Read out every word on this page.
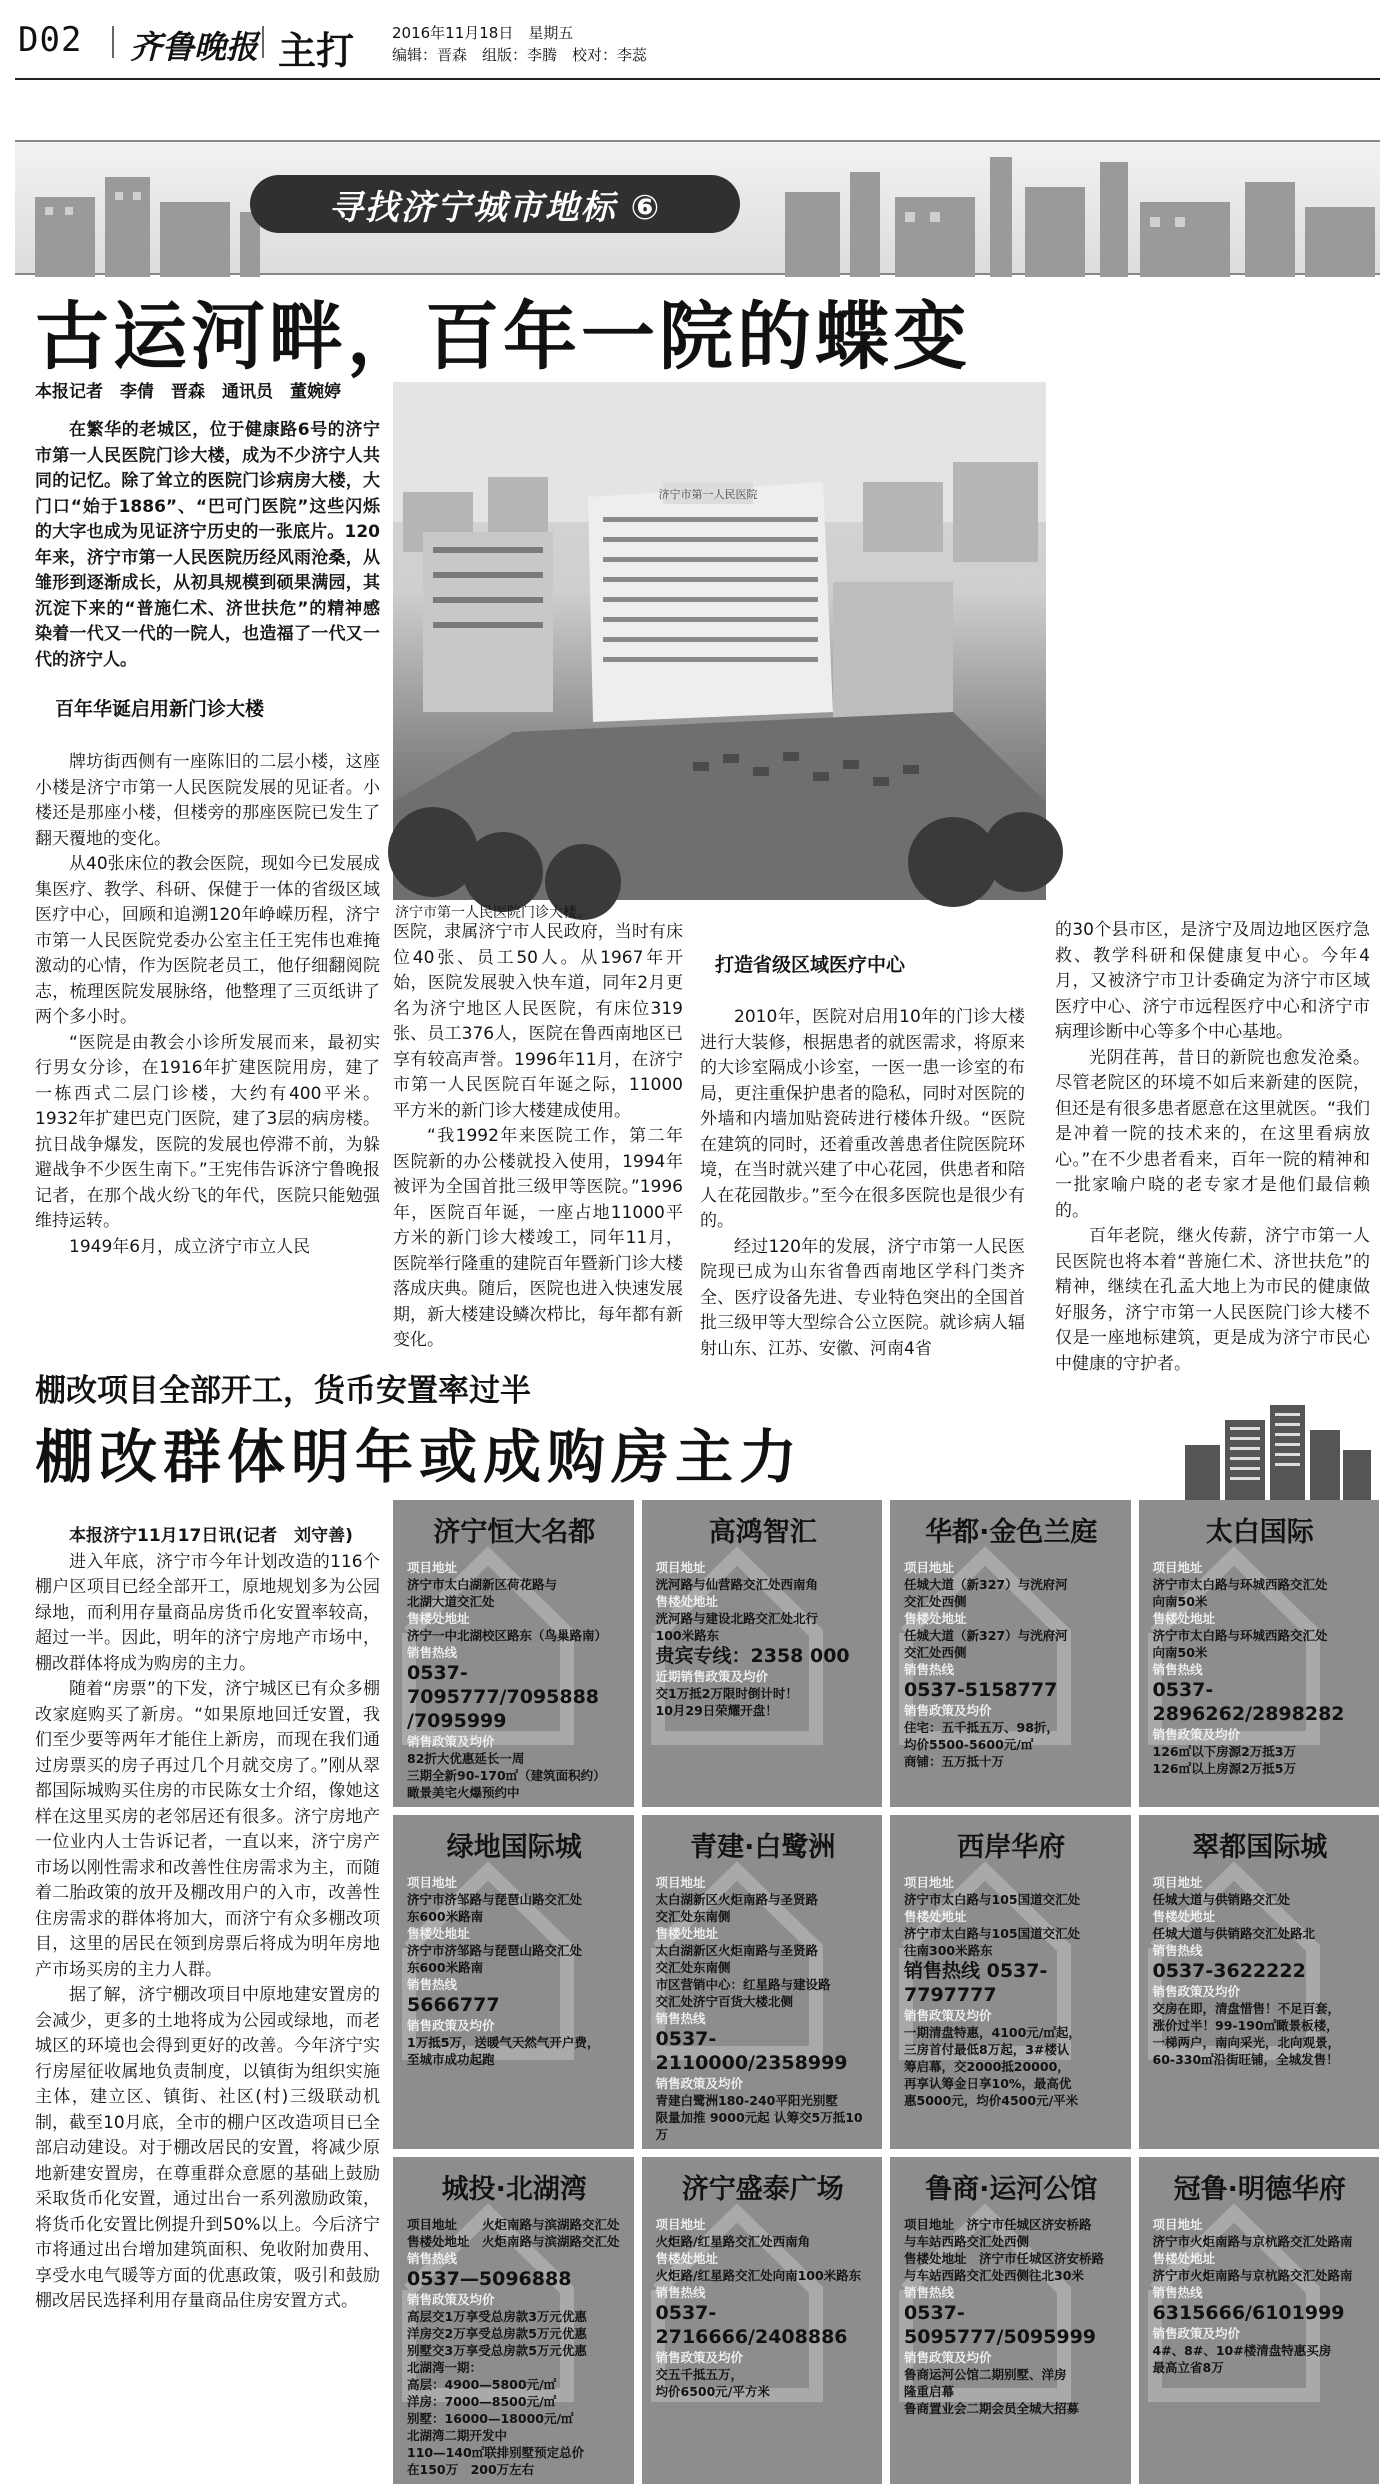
D02 齐鲁晚报 主打	2016年11月18日　星期五
编辑：晋森　组版：李腾　校对：李蕊
寻找济宁城市地标 ⑥
古运河畔，百年一院的蝶变
本报记者　李倩　晋森　通讯员　董婉婷

在繁华的老城区，位于健康路6号的济宁市第一人民医院门诊大楼，成为不少济宁人共同的记忆。除了耸立的医院门诊病房大楼，大门口“始于1886”、“巴可门医院”这些闪烁的大字也成为见证济宁历史的一张底片。120年来，济宁市第一人民医院历经风雨沧桑，从雏形到逐渐成长，从初具规模到硕果满园，其沉淀下来的“普施仁术、济世扶危”的精神感染着一代又一代的一院人，也造福了一代又一代的济宁人。

济宁市第一人民医院
济宁市第一人民医院门诊大楼。
百年华诞启用新门诊大楼

牌坊街西侧有一座陈旧的二层小楼，这座小楼是济宁市第一人民医院发展的见证者。小楼还是那座小楼，但楼旁的那座医院已发生了翻天覆地的变化。

从40张床位的教会医院，现如今已发展成集医疗、教学、科研、保健于一体的省级区域医疗中心，回顾和追溯120年峥嵘历程，济宁市第一人民医院党委办公室主任王宪伟也难掩激动的心情，作为医院老员工，他仔细翻阅院志，梳理医院发展脉络，他整理了三页纸讲了两个多小时。

“医院是由教会小诊所发展而来，最初实行男女分诊，在1916年扩建医院用房，建了一栋西式二层门诊楼，大约有400平米。1932年扩建巴克门医院，建了3层的病房楼。抗日战争爆发，医院的发展也停滞不前，为躲避战争不少医生南下。”王宪伟告诉济宁鲁晚报记者，在那个战火纷飞的年代，医院只能勉强维持运转。

1949年6月，成立济宁市立人民

医院，隶属济宁市人民政府，当时有床位40张、员工50人。从1967年开始，医院发展驶入快车道，同年2月更名为济宁地区人民医院，有床位319张、员工376人，医院在鲁西南地区已享有较高声誉。1996年11月，在济宁市第一人民医院百年诞之际，11000平方米的新门诊大楼建成使用。

“我1992年来医院工作，第二年医院新的办公楼就投入使用，1994年被评为全国首批三级甲等医院。”1996年，医院百年诞，一座占地11000平方米的新门诊大楼竣工，同年11月，医院举行隆重的建院百年暨新门诊大楼落成庆典。随后，医院也进入快速发展期，新大楼建设鳞次栉比，每年都有新变化。

打造省级区域医疗中心

2010年，医院对启用10年的门诊大楼进行大装修，根据患者的就医需求，将原来的大诊室隔成小诊室，一医一患一诊室的布局，更注重保护患者的隐私，同时对医院的外墙和内墙加贴瓷砖进行楼体升级。“医院在建筑的同时，还着重改善患者住院医院环境，在当时就兴建了中心花园，供患者和陪人在花园散步。”至今在很多医院也是很少有的。

经过120年的发展，济宁市第一人民医院现已成为山东省鲁西南地区学科门类齐全、医疗设备先进、专业特色突出的全国首批三级甲等大型综合公立医院。就诊病人辐射山东、江苏、安徽、河南4省

的30个县市区，是济宁及周边地区医疗急救、教学科研和保健康复中心。今年4月，又被济宁市卫计委确定为济宁市区域医疗中心、济宁市远程医疗中心和济宁市病理诊断中心等多个中心基地。

光阴荏苒，昔日的新院也愈发沧桑。尽管老院区的环境不如后来新建的医院，但还是有很多患者愿意在这里就医。“我们是冲着一院的技术来的，在这里看病放心。”在不少患者看来，百年一院的精神和一批家喻户晓的老专家才是他们最信赖的。

百年老院，继火传薪，济宁市第一人民医院也将本着“普施仁术、济世扶危”的精神，继续在孔孟大地上为市民的健康做好服务，济宁市第一人民医院门诊大楼不仅是一座地标建筑，更是成为济宁市民心中健康的守护者。

棚改项目全部开工，货币安置率过半
棚改群体明年或成购房主力

本报济宁11月17日讯(记者　刘守善)

进入年底，济宁市今年计划改造的116个棚户区项目已经全部开工，原地规划多为公园绿地，而利用存量商品房货币化安置率较高，超过一半。因此，明年的济宁房地产市场中，棚改群体将成为购房的主力。

随着“房票”的下发，济宁城区已有众多棚改家庭购买了新房。“如果原地回迁安置，我们至少要等两年才能住上新房，而现在我们通过房票买的房子再过几个月就交房了。”刚从翠都国际城购买住房的市民陈女士介绍，像她这样在这里买房的老邻居还有很多。济宁房地产一位业内人士告诉记者，一直以来，济宁房产市场以刚性需求和改善性住房需求为主，而随着二胎政策的放开及棚改用户的入市，改善性住房需求的群体将加大，而济宁有众多棚改项目，这里的居民在领到房票后将成为明年房地产市场买房的主力人群。

据了解，济宁棚改项目中原地建安置房的会减少，更多的土地将成为公园或绿地，而老城区的环境也会得到更好的改善。今年济宁实行房屋征收属地负责制度，以镇街为组织实施主体，建立区、镇街、社区(村)三级联动机制，截至10月底，全市的棚户区改造项目已全部启动建设。对于棚改居民的安置，将减少原地新建安置房，在尊重群众意愿的基础上鼓励采取货币化安置，通过出台一系列激励政策，将货币化安置比例提升到50%以上。今后济宁市将通过出台增加建筑面积、免收附加费用、享受水电气暖等方面的优惠政策，吸引和鼓励棚改居民选择利用存量商品住房安置方式。

济宁恒大名都
项目地址
济宁市太白湖新区荷花路与
北湖大道交汇处
售楼处地址
济宁一中北湖校区路东（鸟巢路南）
销售热线
0537-7095777/7095888
/7095999
销售政策及均价
82折大优惠延长一周
三期全新90-170㎡（建筑面积约）
瞰景美宅火爆预约中
高鸿智汇
项目地址
洸河路与仙营路交汇处西南角
售楼处地址
洸河路与建设北路交汇处北行
100米路东
贵宾专线：2358 000
近期销售政策及均价
交1万抵2万限时倒计时！
10月29日荣耀开盘！
华都·金色兰庭
项目地址
任城大道（新327）与洸府河
交汇处西侧
售楼处地址
任城大道（新327）与洸府河
交汇处西侧
销售热线
0537-5158777
销售政策及均价
住宅：五千抵五万、98折，
均价5500-5600元/㎡
商铺：五万抵十万
太白国际
项目地址
济宁市太白路与环城西路交汇处
向南50米
售楼处地址
济宁市太白路与环城西路交汇处
向南50米
销售热线
0537-2896262/2898282
销售政策及均价
126㎡以下房源2万抵3万
126㎡以上房源2万抵5万
绿地国际城
项目地址
济宁市济邹路与琵琶山路交汇处
东600米路南
售楼处地址
济宁市济邹路与琵琶山路交汇处
东600米路南
销售热线
5666777
销售政策及均价
1万抵5万，送暖气天然气开户费，
至城市成功起跑
青建·白鹭洲
项目地址
太白湖新区火炬南路与圣贤路
交汇处东南侧
售楼处地址
太白湖新区火炬南路与圣贤路
交汇处东南侧
市区营销中心：红星路与建设路
交汇处济宁百货大楼北侧
销售热线
0537-2110000/2358999
销售政策及均价
青建白鹭洲180-240平阳光别墅
限量加推 9000元起 认筹交5万抵10万
西岸华府
项目地址
济宁市太白路与105国道交汇处
售楼处地址
济宁市太白路与105国道交汇处
往南300米路东
销售热线 0537-7797777
销售政策及均价
一期清盘特惠，4100元/㎡起，
三房首付最低8万起，3#楼认
筹启幕，交2000抵20000，
再享认筹金日享10%，最高优
惠5000元，均价4500元/平米
翠都国际城
项目地址
任城大道与供销路交汇处
售楼处地址
任城大道与供销路交汇处路北
销售热线
0537-3622222
销售政策及均价
交房在即，清盘惜售！不足百套，
涨价过半！99-190㎡瞰景板楼，
一梯两户，南向采光，北向观景，
60-330㎡沿街旺铺，全城发售！
城投·北湖湾
项目地址　　火炬南路与滨湖路交汇处
售楼处地址　火炬南路与滨湖路交汇处
销售热线
0537—5096888
销售政策及均价
高层交1万享受总房款3万元优惠
洋房交2万享受总房款5万元优惠
别墅交3万享受总房款5万元优惠
北湖湾一期：
高层：4900—5800元/㎡
洋房：7000—8500元/㎡
别墅：16000—18000元/㎡
北湖湾二期开发中
110—140㎡联排别墅预定总价
在150万　200万左右
济宁盛泰广场
项目地址
火炬路/红星路交汇处西南角
售楼处地址
火炬路/红星路交汇处向南100米路东
销售热线
0537-2716666/2408886
销售政策及均价
交五千抵五万，
均价6500元/平方米
鲁商·运河公馆
项目地址　济宁市任城区济安桥路
与车站西路交汇处西侧
售楼处地址　济宁市任城区济安桥路
与车站西路交汇处西侧往北30米
销售热线
0537-5095777/5095999
销售政策及均价
鲁商运河公馆二期别墅、洋房
隆重启幕
鲁商置业会二期会员全城大招募
冠鲁·明德华府
项目地址
济宁市火炬南路与京杭路交汇处路南
售楼处地址
济宁市火炬南路与京杭路交汇处路南
销售热线
6315666/6101999
销售政策及均价
4#、8#、10#楼清盘特惠买房
最高立省8万
